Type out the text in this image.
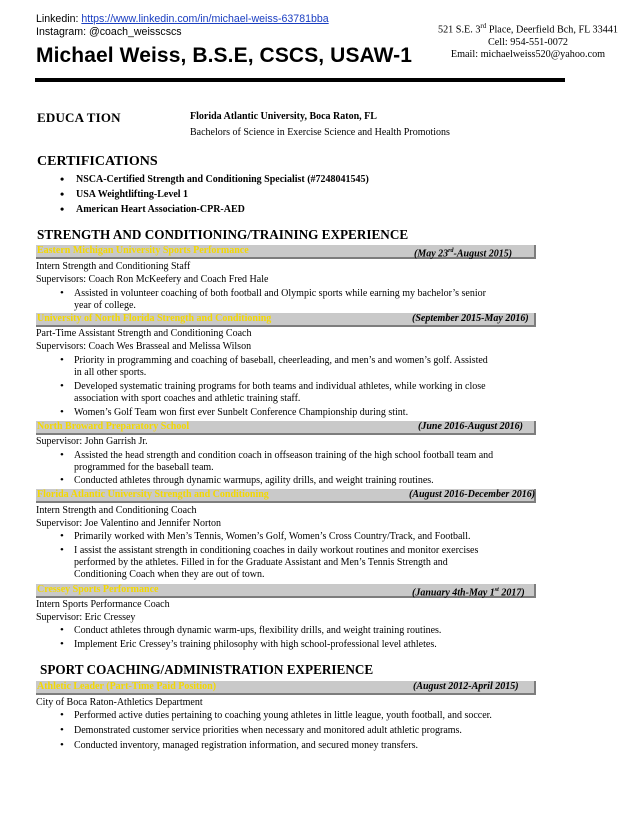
Linkedin: https://www.linkedin.com/in/michael-weiss-63781bba
Instagram: @coach_weisscscs	521 S.E. 3rd Place, Deerfield Bch, FL 33441
Cell: 954-551-0072
Email: michaelweiss520@yahoo.com
Michael Weiss, B.S.E, CSCS, USAW-1
EDUCA TION	Florida Atlantic University, Boca Raton, FL
Bachelors of Science in Exercise Science and Health Promotions
CERTIFICATIONS
• NSCA-Certified Strength and Conditioning Specialist (#7248041545)
• USA Weightlifting-Level 1
• American Heart Association-CPR-AED
STRENGTH AND CONDITIONING/TRAINING EXPERIENCE
Eastern Michigan University Sports Performance	(May 23rd-August 2015)
Intern Strength and Conditioning Staff
Supervisors: Coach Ron McKeefery and Coach Fred Hale
• Assisted in volunteer coaching of both football and Olympic sports while earning my bachelor’s senior
year of college.
University of North Florida Strength and Conditioning	(September 2015-May 2016)
Part-Time Assistant Strength and Conditioning Coach
Supervisors: Coach Wes Brasseal and Melissa Wilson
• Priority in programming and coaching of baseball, cheerleading, and men’s and women’s golf. Assisted
in all other sports.
• Developed systematic training programs for both teams and individual athletes, while working in close
association with sport coaches and athletic training staff.
• Women’s Golf Team won first ever Sunbelt Conference Championship during stint.
North Broward Preparatory School	(June 2016-August 2016)
Supervisor: John Garrish Jr.
• Assisted the head strength and condition coach in offseason training of the high school football team and
programmed for the baseball team.
• Conducted athletes through dynamic warmups, agility drills, and weight training routines.
Florida Atlantic University Strength and Conditioning	(August 2016-December 2016)
Intern Strength and Conditioning Coach
Supervisor: Joe Valentino and Jennifer Norton
• Primarily worked with Men’s Tennis, Women’s Golf, Women’s Cross Country/Track, and Football.
• I assist the assistant strength in conditioning coaches in daily workout routines and monitor exercises
performed by the athletes. Filled in for the Graduate Assistant and Men’s Tennis Strength and
Conditioning Coach when they are out of town.
Cressey Sports Performance	(January 4th-May 1st 2017)
Intern Sports Performance Coach
Supervisor: Eric Cressey
• Conduct athletes through dynamic warm-ups, flexibility drills, and weight training routines.
• Implement Eric Cressey’s training philosophy with high school-professional level athletes.
SPORT COACHING/ADMINISTRATION EXPERIENCE
Athletic Leader (Part-Time Paid Position)	(August 2012-April 2015)
City of Boca Raton-Athletics Department
• Performed active duties pertaining to coaching young athletes in little league, youth football, and soccer.
• Demonstrated customer service priorities when necessary and monitored adult athletic programs.
• Conducted inventory, managed registration information, and secured money transfers.
